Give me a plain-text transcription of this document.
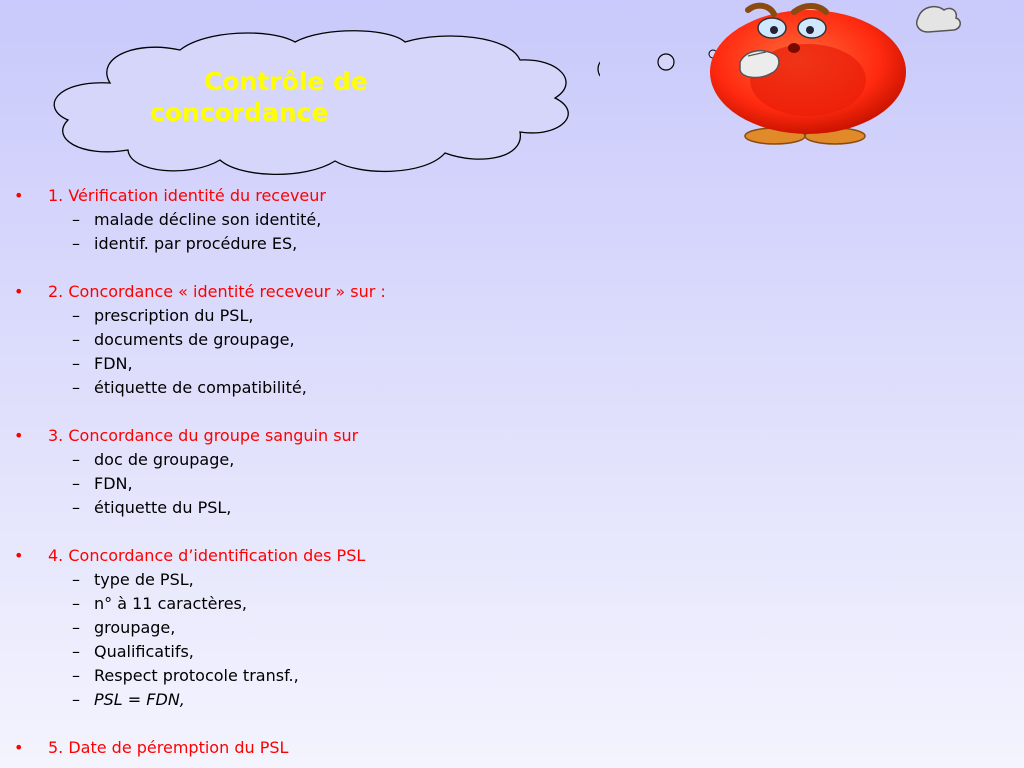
Contrôle de
concordance
• 1. Vérification identité du receveur
– malade décline son identité,
– identif. par procédure ES,
• 2. Concordance « identité receveur » sur :
– prescription du PSL,
– documents de groupage,
– FDN,
– étiquette de compatibilité,
• 3. Concordance du groupe sanguin sur
– doc de groupage,
– FDN,
– étiquette du PSL,
• 4. Concordance d’identification des PSL
– type de PSL,
– n° à 11 caractères,
– groupage,
– Qualificatifs,
– Respect protocole transf.,
– PSL = FDN,
• 5. Date de péremption du PSL
